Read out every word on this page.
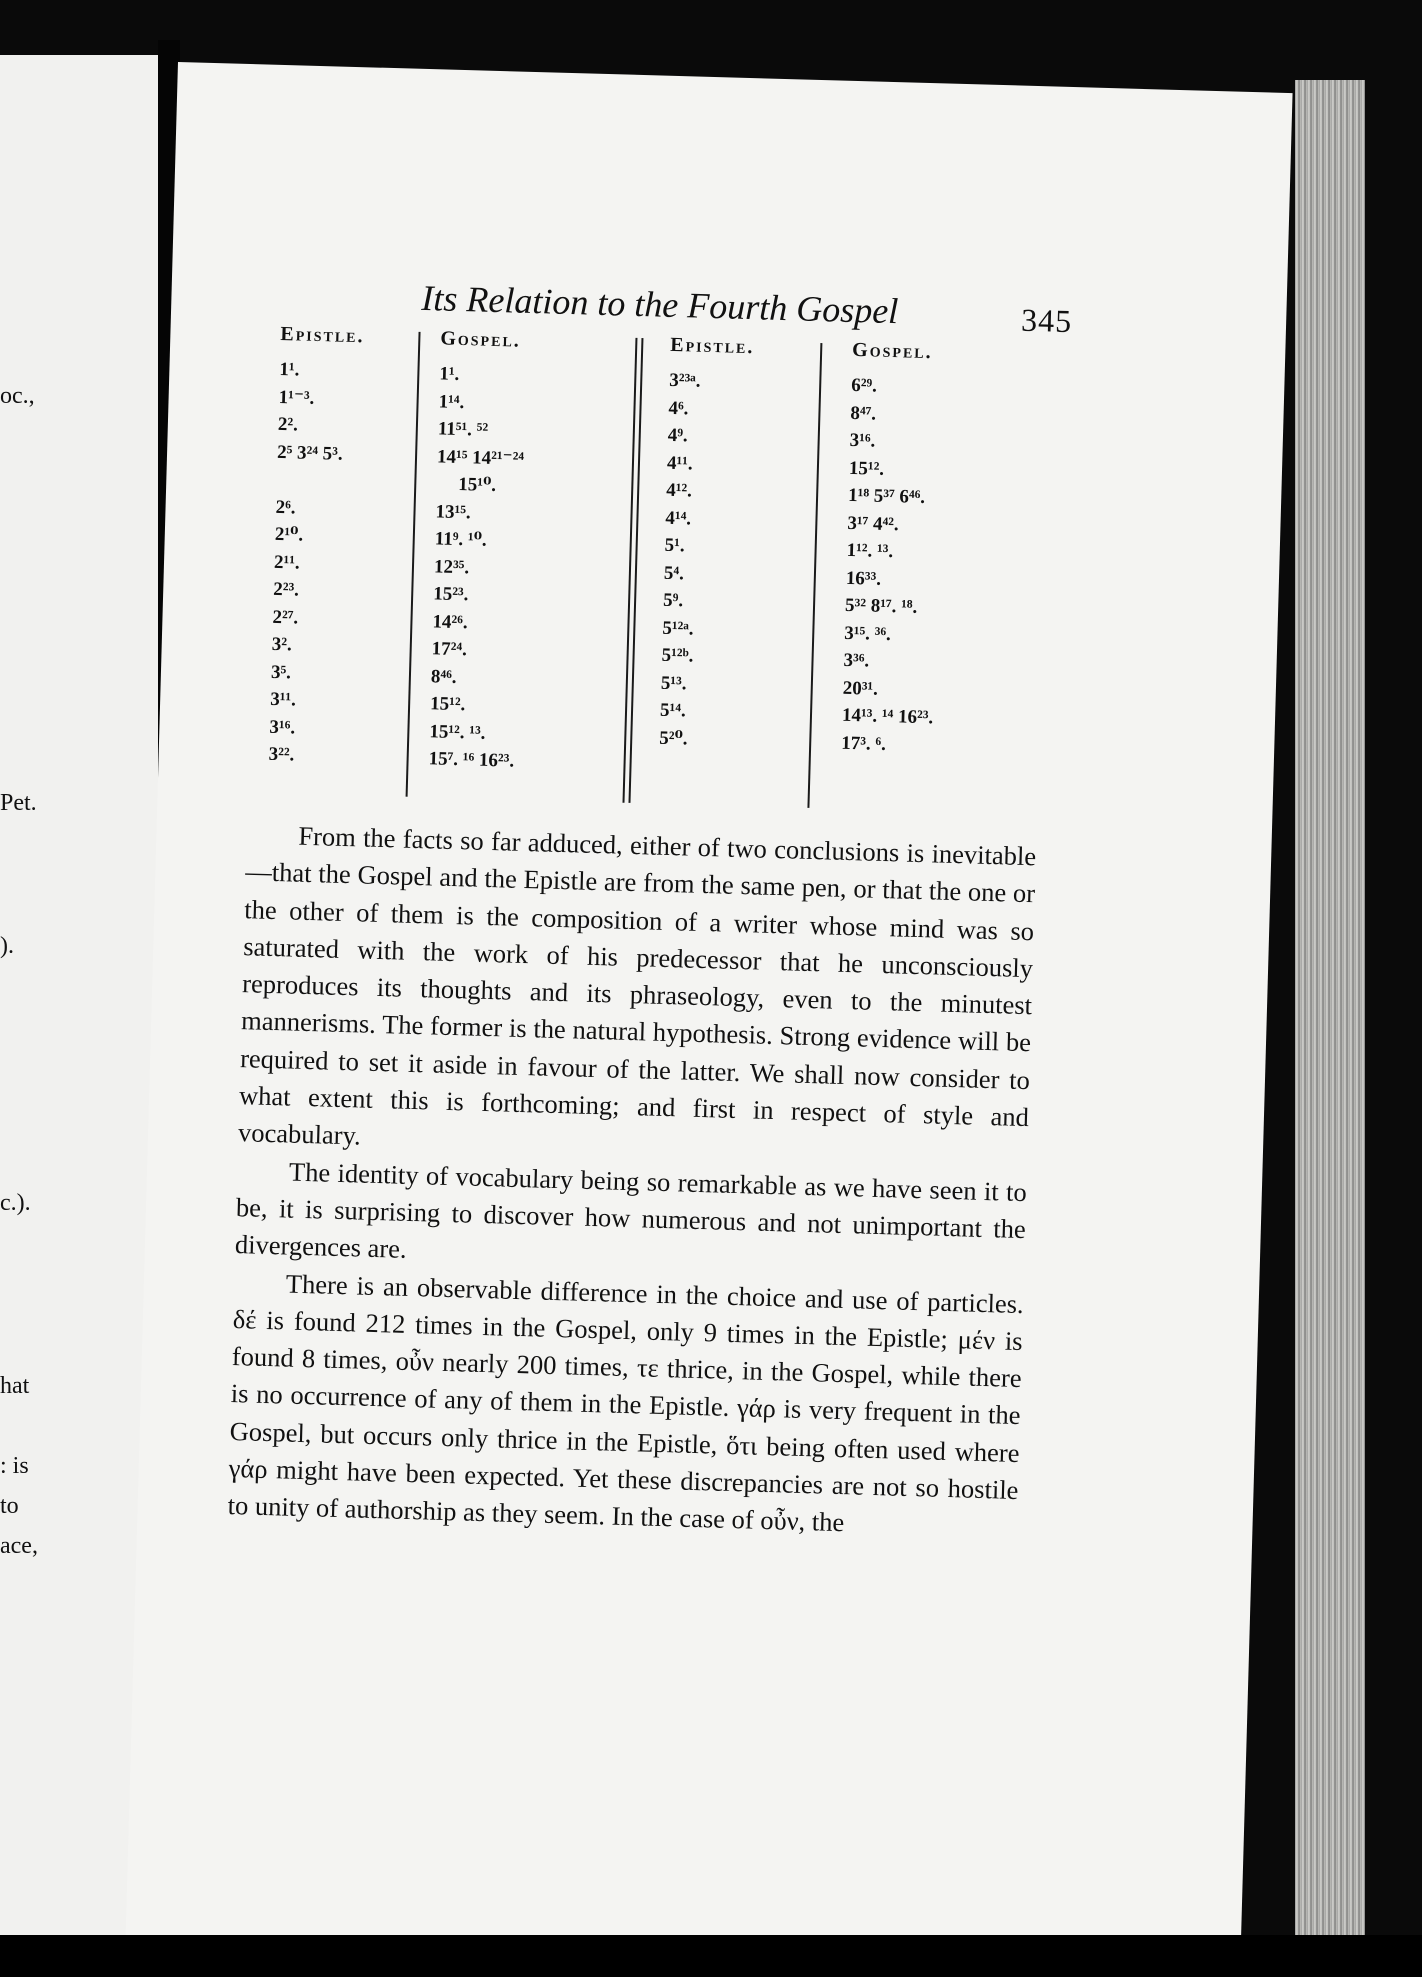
oc.,
Pet.
).
c.).
hat
: is
to
ace,
Its Relation to the Fourth Gospel	345
Epistle.
1¹.
1¹⁻³.
2².
2⁵ 3²⁴ 5³.
2⁶.
2¹⁰.
2¹¹.
2²³.
2²⁷.
3².
3⁵.
3¹¹.
3¹⁶.
3²².
Gospel.
1¹.
1¹⁴.
11⁵¹. ⁵²
14¹⁵ 14²¹⁻²⁴
15¹⁰.
13¹⁵.
11⁹. ¹⁰.
12³⁵.
15²³.
14²⁶.
17²⁴.
8⁴⁶.
15¹².
15¹². ¹³.
15⁷. ¹⁶ 16²³.
Epistle.
3²³ᵃ.
4⁶.
4⁹.
4¹¹.
4¹².
4¹⁴.
5¹.
5⁴.
5⁹.
5¹²ᵃ.
5¹²ᵇ.
5¹³.
5¹⁴.
5²⁰.
Gospel.
6²⁹.
8⁴⁷.
3¹⁶.
15¹².
1¹⁸ 5³⁷ 6⁴⁶.
3¹⁷ 4⁴².
1¹². ¹³.
16³³.
5³² 8¹⁷. ¹⁸.
3¹⁵. ³⁶.
3³⁶.
20³¹.
14¹³. ¹⁴ 16²³.
17³. ⁶.

From the facts so far adduced, either of two conclusions is inevitable—that the Gospel and the Epistle are from the same pen, or that the one or the other of them is the composition of a writer whose mind was so saturated with the work of his predecessor that he unconsciously reproduces its thoughts and its phraseology, even to the minutest mannerisms. The former is the natural hypothesis. Strong evidence will be required to set it aside in favour of the latter. We shall now consider to what extent this is forthcoming; and first in respect of style and vocabulary.

The identity of vocabulary being so remarkable as we have seen it to be, it is surprising to discover how numerous and not unimportant the divergences are.

There is an observable difference in the choice and use of particles. δέ is found 212 times in the Gospel, only 9 times in the Epistle; μέν is found 8 times, οὖν nearly 200 times, τε thrice, in the Gospel, while there is no occurrence of any of them in the Epistle. γάρ is very frequent in the Gospel, but occurs only thrice in the Epistle, ὅτι being often used where γάρ might have been expected. Yet these discrepancies are not so hostile to unity of authorship as they seem. In the case of οὖν, the
